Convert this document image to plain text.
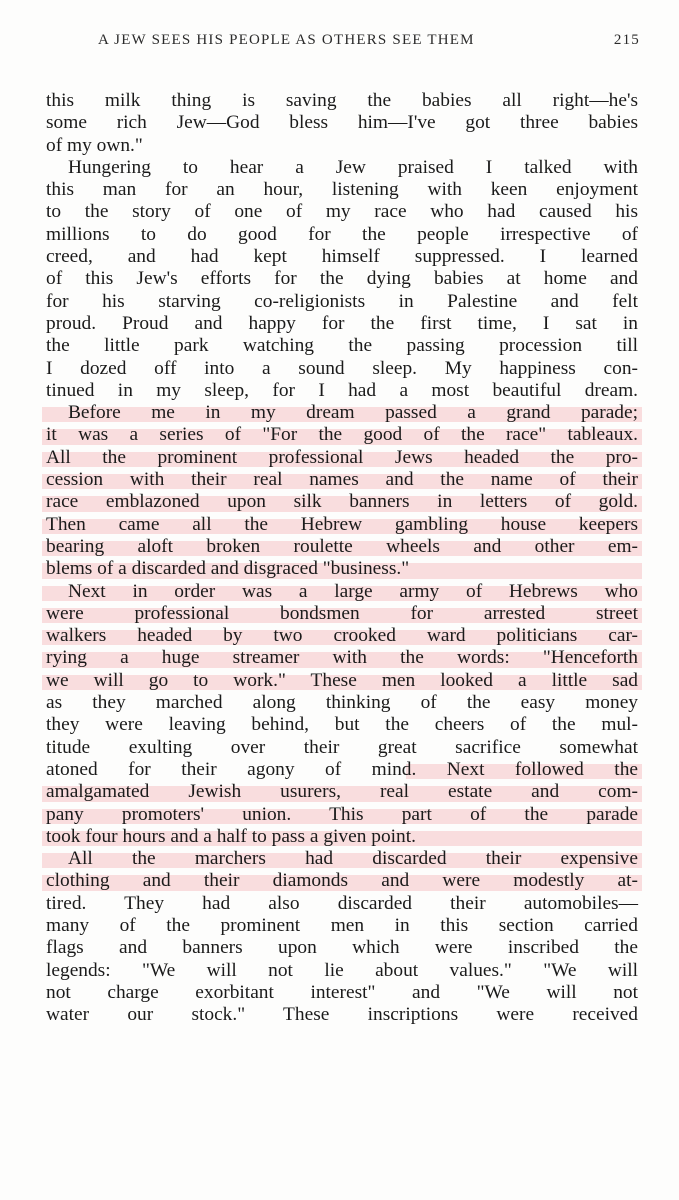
A JEW SEES HIS PEOPLE AS OTHERS SEE THEM	215
this milk thing is saving the babies all right—he's
some rich Jew—God bless him—I've got three babies
of my own."
Hungering to hear a Jew praised I talked with
this man for an hour, listening with keen enjoyment
to the story of one of my race who had caused his
millions to do good for the people irrespective of
creed, and had kept himself suppressed. I learned
of this Jew's efforts for the dying babies at home and
for his starving co-religionists in Palestine and felt
proud. Proud and happy for the first time, I sat in
the little park watching the passing procession till
I dozed off into a sound sleep. My happiness con-
tinued in my sleep, for I had a most beautiful dream.
Before me in my dream passed a grand parade;
it was a series of "For the good of the race" tableaux.
All the prominent professional Jews headed the pro-
cession with their real names and the name of their
race emblazoned upon silk banners in letters of gold.
Then came all the Hebrew gambling house keepers
bearing aloft broken roulette wheels and other em-
blems of a discarded and disgraced "business."
Next in order was a large army of Hebrews who
were professional bondsmen for arrested street
walkers headed by two crooked ward politicians car-
rying a huge streamer with the words: "Henceforth
we will go to work." These men looked a little sad
as they marched along thinking of the easy money
they were leaving behind, but the cheers of the mul-
titude exulting over their great sacrifice somewhat
atoned for their agony of mind. Next followed the
amalgamated Jewish usurers, real estate and com-
pany promoters' union. This part of the parade
took four hours and a half to pass a given point.
All the marchers had discarded their expensive
clothing and their diamonds and were modestly at-
tired. They had also discarded their automobiles—
many of the prominent men in this section carried
flags and banners upon which were inscribed the
legends: "We will not lie about values." "We will
not charge exorbitant interest" and "We will not
water our stock." These inscriptions were received
